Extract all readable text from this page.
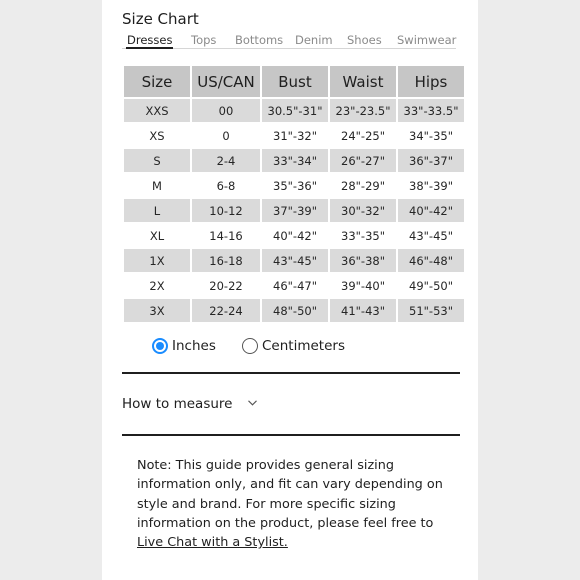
Size Chart
Dresses Tops Bottoms Denim Shoes Swimwear
Size	US/CAN	Bust	Waist	Hips
XXS	00	30.5"-31"	23"-23.5"	33"-33.5"
XS	0	31"-32"	24"-25"	34"-35"
S	2-4	33"-34"	26"-27"	36"-37"
M	6-8	35"-36"	28"-29"	38"-39"
L	10-12	37"-39"	30"-32"	40"-42"
XL	14-16	40"-42"	33"-35"	43"-45"
1X	16-18	43"-45"	36"-38"	46"-48"
2X	20-22	46"-47"	39"-40"	49"-50"
3X	22-24	48"-50"	41"-43"	51"-53"
Inches	Centimeters
How to measure

Note: This guide provides general sizing information only, and fit can vary depending on style and brand. For more specific sizing information on the product, please feel free to Live Chat with a Stylist.
